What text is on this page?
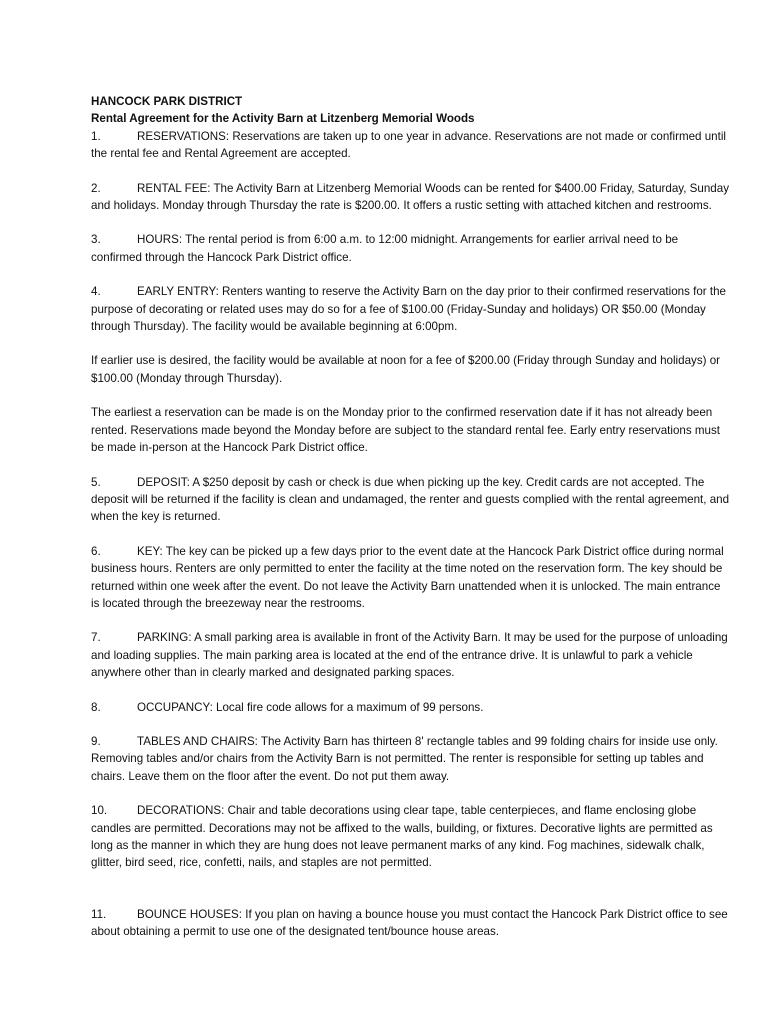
HANCOCK PARK DISTRICT
Rental Agreement for the Activity Barn at Litzenberg Memorial Woods

1.	RESERVATIONS: Reservations are taken up to one year in advance. Reservations are not made or confirmed until the rental fee and Rental Agreement are accepted.

2.	RENTAL FEE: The Activity Barn at Litzenberg Memorial Woods can be rented for $400.00 Friday, Saturday, Sunday and holidays. Monday through Thursday the rate is $200.00. It offers a rustic setting with attached kitchen and restrooms.

3.	HOURS: The rental period is from 6:00 a.m. to 12:00 midnight. Arrangements for earlier arrival need to be confirmed through the Hancock Park District office.

4.	EARLY ENTRY: Renters wanting to reserve the Activity Barn on the day prior to their confirmed reservations for the purpose of decorating or related uses may do so for a fee of $100.00 (Friday-Sunday and holidays) OR $50.00 (Monday through Thursday). The facility would be available beginning at 6:00pm.

If earlier use is desired, the facility would be available at noon for a fee of $200.00 (Friday through Sunday and holidays) or $100.00 (Monday through Thursday).

The earliest a reservation can be made is on the Monday prior to the confirmed reservation date if it has not already been rented. Reservations made beyond the Monday before are subject to the standard rental fee. Early entry reservations must be made in-person at the Hancock Park District office.

5.	DEPOSIT: A $250 deposit by cash or check is due when picking up the key. Credit cards are not accepted. The deposit will be returned if the facility is clean and undamaged, the renter and guests complied with the rental agreement, and when the key is returned.

6.	KEY: The key can be picked up a few days prior to the event date at the Hancock Park District office during normal business hours. Renters are only permitted to enter the facility at the time noted on the reservation form. The key should be returned within one week after the event. Do not leave the Activity Barn unattended when it is unlocked. The main entrance is located through the breezeway near the restrooms.

7.	PARKING: A small parking area is available in front of the Activity Barn. It may be used for the purpose of unloading and loading supplies. The main parking area is located at the end of the entrance drive. It is unlawful to park a vehicle anywhere other than in clearly marked and designated parking spaces.

8.	OCCUPANCY: Local fire code allows for a maximum of 99 persons.

9.	TABLES AND CHAIRS: The Activity Barn has thirteen 8' rectangle tables and 99 folding chairs for inside use only. Removing tables and/or chairs from the Activity Barn is not permitted. The renter is responsible for setting up tables and chairs. Leave them on the floor after the event. Do not put them away.

10.	DECORATIONS: Chair and table decorations using clear tape, table centerpieces, and flame enclosing globe candles are permitted. Decorations may not be affixed to the walls, building, or fixtures. Decorative lights are permitted as long as the manner in which they are hung does not leave permanent marks of any kind. Fog machines, sidewalk chalk, glitter, bird seed, rice, confetti, nails, and staples are not permitted.

11.	BOUNCE HOUSES: If you plan on having a bounce house you must contact the Hancock Park District office to see about obtaining a permit to use one of the designated tent/bounce house areas.
